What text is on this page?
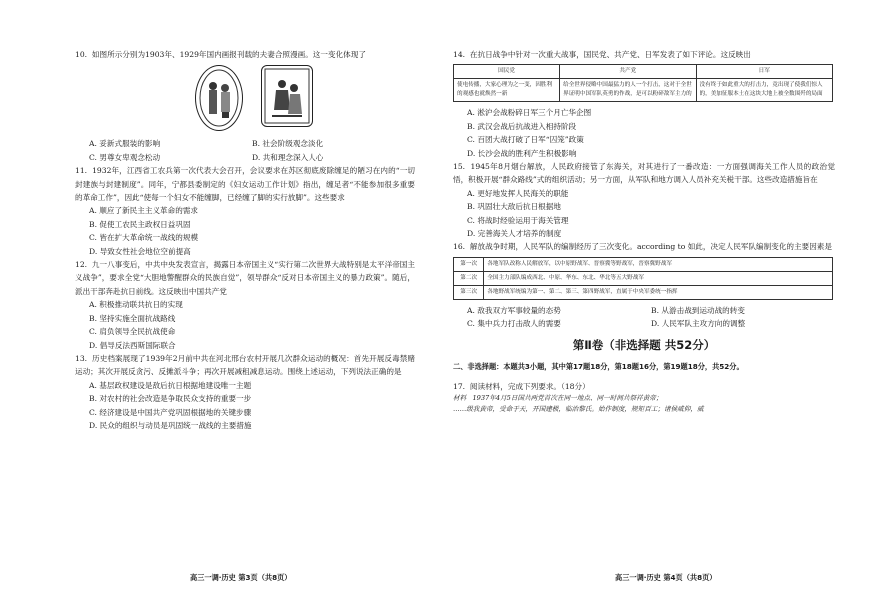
10.  如图所示分别为1903年、1929年国内画报刊载的夫妻合照漫画。这一变化体现了

A. 妥新式服装的影响	B. 社会阶级观念淡化
C. 男尊女卑观念松动	D. 共和理念深入人心

11.  1932年，江西省工农兵第一次代表大会召开，会议要求在苏区彻底废除缠足的陋习在内的“一切封建族与封建制度”。同年，宁都县委制定的《妇女运动工作计划》指出，缠足者“不能参加很多重要的革命工作”，因此“使每一个妇女不能缠脚，已经缠了脚的实行放脚”。这些要求

A. 顺应了新民主主义革命的需求

B. 促使工农民主政权日益巩固

C. 皆在扩大革命统一战线的规模

D. 导致女性社会地位空前提高

12.  九一八事变后，中共中央发表宣言，揭露日本帝国主义“实行第二次世界大战特别是太平洋帝国主义战争”，要求全党“大胆地警醒群众的民族自觉”，领导群众“反对日本帝国主义的暴力政策”。随后，派出干部奔赴抗日前线。这反映出中国共产党

A. 积极推动联共抗日的实现

B. 坚持实施全面抗战路线

C. 肩负领导全民抗战使命

D. 倡导反法西斯国际联合

13.  历史档案展现了1939年2月前中共在河北邢台农村开展几次群众运动的概况：首先开展反毒禁赌运动；其次开展反贪污、反摊派斗争；再次开展减租减息运动。围绕上述运动，下列说法正确的是

A. 基层政权建设是敌后抗日根据地建设唯一主题

B. 对农村的社会改造是争取民众支持的重要一步

C. 经济建设是中国共产党巩固根据地的关键步骤

D. 民众的组织与动员是巩固统一战线的主要措施

高三一调·历史 第3页（共8页）

14.  在抗日战争中针对一次重大战事，国民党、共产党、日军发表了如下评论。这反映出

国民党	共产党	日军
使电传播，大家心理为之一变，因胜利的观感也就焕然一新	给全世界侵略中国最猛力的人一个打击，这对于全世界证明中国军队英勇的作战，是可以粉碎敌军主力的	没有终于如此重大的打击力，竟出现了使我们惊人的，美加征服本土在这块大地上被全数围歼的局面

A. 淞沪会战粉碎日军三个月亡华企图

B. 武汉会战后抗战进入相持阶段

C. 百团大战打破了日军“囚笼”政策

D. 长沙会战的胜利产生积极影响

15.  1945年8月烟台解放，人民政府接管了东海关，对其进行了一番改造：一方面强调海关工作人员的政治觉悟，积极开展“群众路线”式的组织活动；另一方面，从军队和地方调入人员补充关税干部。这些改造措施旨在

A. 更好地发挥人民海关的职能

B. 巩固壮大敌后抗日根据地

C. 将战时经验运用于海关管理

D. 完善海关人才培养的制度

16.  解放战争时期，人民军队的编制经历了三次变化。according to 如此，决定人民军队编制变化的主要因素是

第一次	各地军队改称人民解放军，以中原野战军、晋察冀等野战军，晋察冀野战军
第二次	全国主力部队编成西北、中原、华东、东北、华北等五大野战军
第三次	各地野战军统编为第一、第二、第三、第四野战军，直属于中央军委统一指挥
A. 敌我双方军事较量的态势	B. 从游击战到运动战的转变
C. 集中兵力打击敌人的需要	D. 人民军队主攻方向的调整
第Ⅱ卷（非选择题 共52分）

二、非选择题：本题共3小题，其中第17题18分，第18题16分，第19题18分，共52分。

17.  阅读材料，完成下列要求。（18分）

材料   1937年4月5日国共两党首次在同一地点、同一时间共祭祥黄帝；

……级我黄帝，受命于天，开国建极，临治黎氏。始作制度，规矩百工；诸侯咸仰，威

高三一调·历史 第4页（共8页）
